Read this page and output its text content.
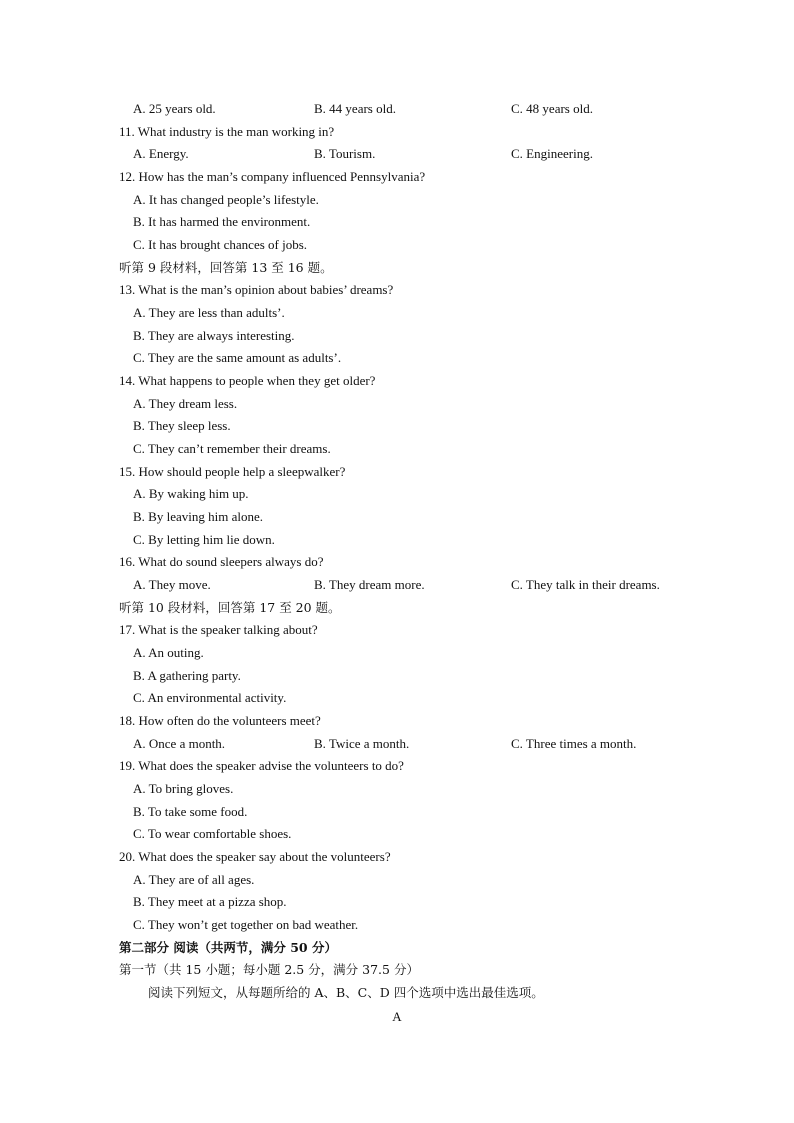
A. 25 years old.	B. 44 years old.	C. 48 years old.
11. What industry is the man working in?
A. Energy.	B. Tourism.	C. Engineering.
12. How has the man’s company influenced Pennsylvania?
A. It has changed people’s lifestyle.
B. It has harmed the environment.
C. It has brought chances of jobs.
听第 9 段材料，回答第 13 至 16 题。
13. What is the man’s opinion about babies’ dreams?
A. They are less than adults’.
B. They are always interesting.
C. They are the same amount as adults’.
14. What happens to people when they get older?
A. They dream less.
B. They sleep less.
C. They can’t remember their dreams.
15. How should people help a sleepwalker?
A. By waking him up.
B. By leaving him alone.
C. By letting him lie down.
16. What do sound sleepers always do?
A. They move.	B. They dream more.	C. They talk in their dreams.
听第 10 段材料，回答第 17 至 20 题。
17. What is the speaker talking about?
A. An outing.
B. A gathering party.
C. An environmental activity.
18. How often do the volunteers meet?
A. Once a month.	B. Twice a month.	C. Three times a month.
19. What does the speaker advise the volunteers to do?
A. To bring gloves.
B. To take some food.
C. To wear comfortable shoes.
20. What does the speaker say about the volunteers?
A. They are of all ages.
B. They meet at a pizza shop.
C. They won’t get together on bad weather.
第二部分 阅读（共两节，满分 50 分）
第一节（共 15 小题；每小题 2.5 分，满分 37.5 分）
阅读下列短文，从每题所给的 A、B、C、D 四个选项中选出最佳选项。
A
